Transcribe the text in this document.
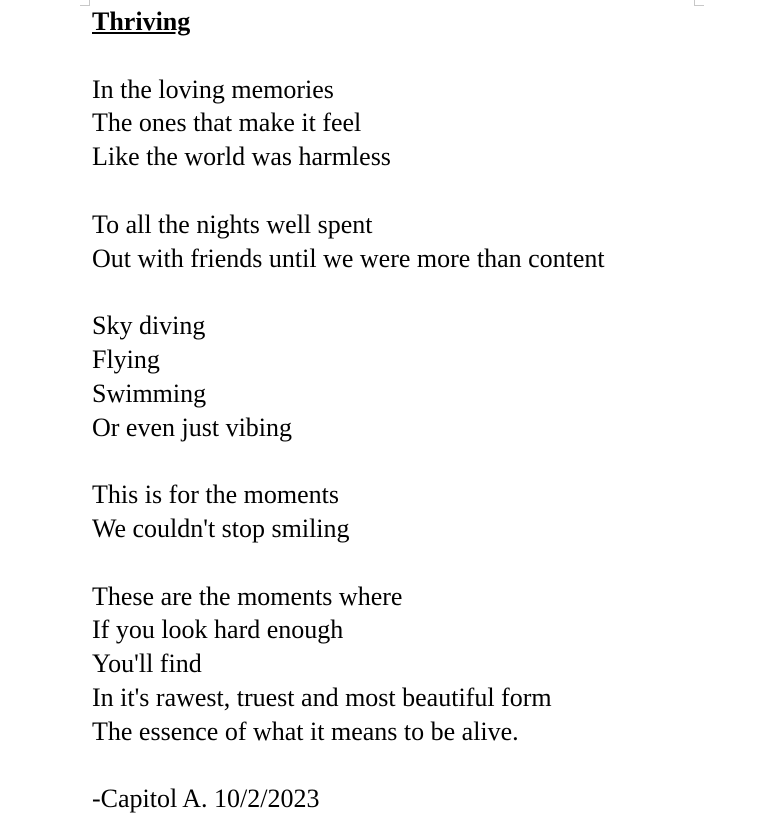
Thriving
In the loving memories
The ones that make it feel
Like the world was harmless
To all the nights well spent
Out with friends until we were more than content
Sky diving
Flying
Swimming
Or even just vibing
This is for the moments
We couldn't stop smiling
These are the moments where
If you look hard enough
You'll find
In it's rawest, truest and most beautiful form
The essence of what it means to be alive.
-Capitol A. 10/2/2023
